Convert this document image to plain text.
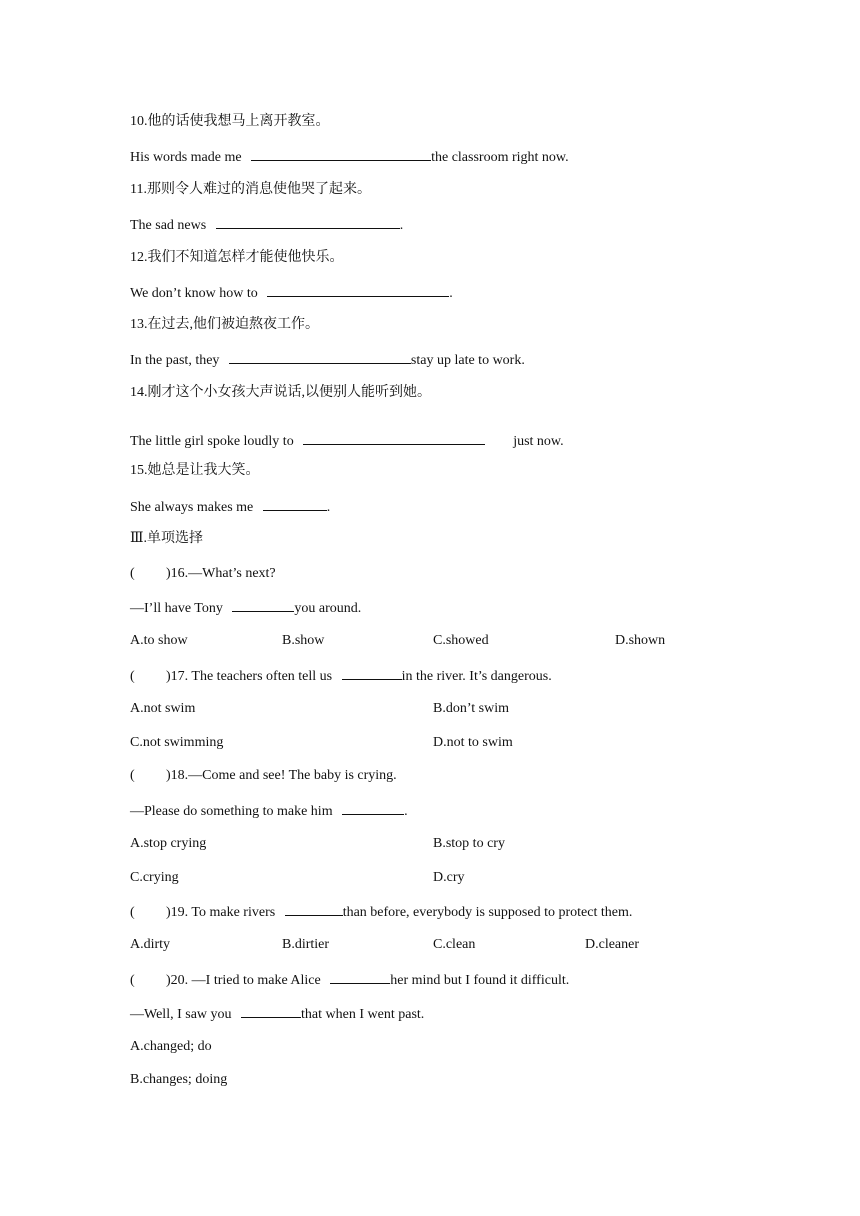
10.他的话使我想马上离开教室。
His words made me	the classroom right now.
11.那则令人难过的消息使他哭了起来。
The sad news	.
12.我们不知道怎样才能使他快乐。
We don’t know how to	.
13.在过去,他们被迫熬夜工作。
In the past, they	stay up late to work.
14.刚才这个小女孩大声说话,以便别人能听到她。
The little girl spoke loudly to	just now.
15.她总是让我大笑。
She always makes me	.
Ⅲ.单项选择
( )16.—What’s next?
—I’ll have Tony	you around.
A.to show	B.show	C.showed	D.shown
( )17. The teachers often tell us	in the river. It’s dangerous.
A.not swim	B.don’t swim
C.not swimming	D.not to swim
( )18.—Come and see! The baby is crying.
—Please do something to make him	.
A.stop crying	B.stop to cry
C.crying	D.cry
( )19. To make rivers	than before, everybody is supposed to protect them.
A.dirty	B.dirtier	C.clean	D.cleaner
( )20. —I tried to make Alice	her mind but I found it difficult.
—Well, I saw you	that when I went past.
A.changed; do
B.changes; doing
